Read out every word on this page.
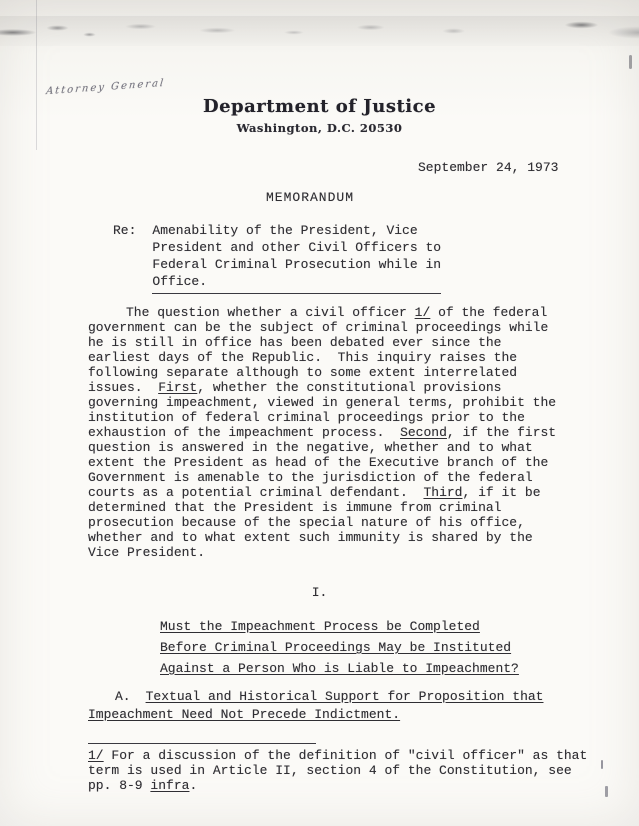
Attorney General
Department of Justice
Washington, D.C. 20530
September 24, 1973
MEMORANDUM
Re: Amenability of the President, Vice
President and other Civil Officers to
Federal Criminal Prosecution while in
Office.

The question whether a civil officer 1/ of the federal government can be the subject of criminal proceedings while he is still in office has been debated ever since the earliest days of the Republic.  This inquiry raises the following separate although to some extent interrelated issues.  First, whether the constitutional provisions governing impeachment, viewed in general terms, prohibit the institution of federal criminal proceedings prior to the exhaustion of the impeachment process.  Second, if the first question is answered in the negative, whether and to what extent the President as head of the Executive branch of the Government is amenable to the jurisdiction of the federal courts as a potential criminal defendant.  Third, if it be determined that the President is immune from criminal prosecution because of the special nature of his office, whether and to what extent such immunity is shared by the Vice President.

I.
Must the Impeachment Process be Completed
Before Criminal Proceedings May be Instituted
Against a Person Who is Liable to Impeachment?
A. Textual and Historical Support for Proposition that
Impeachment Need Not Precede Indictment.

1/ For a discussion of the definition of "civil officer" as that term is used in Article II, section 4 of the Constitution, see pp. 8-9 infra.
